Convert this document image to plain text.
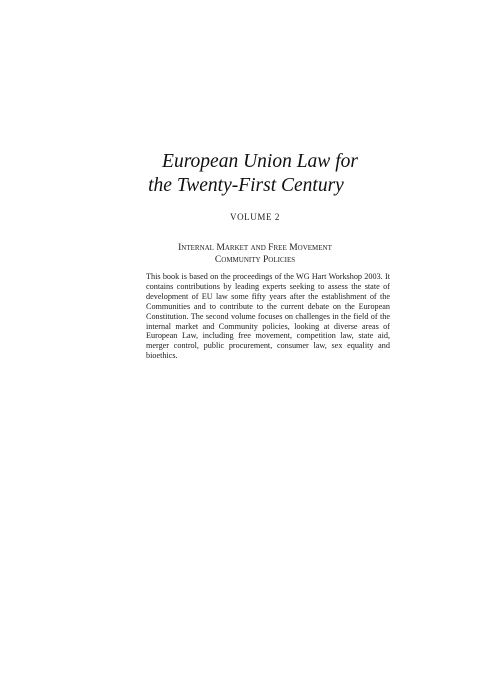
European Union Law for
the Twenty-First Century
VOLUME 2
Internal Market and Free Movement
Community Policies

This book is based on the proceedings of the WG Hart Workshop 2003. It contains contributions by leading experts seeking to assess the state of development of EU law some fifty years after the establishment of the Communities and to contribute to the current debate on the European Constitution. The second volume focuses on challenges in the field of the internal market and Community policies, looking at diverse areas of European Law, including free movement, competition law, state aid, merger control, public procurement, consumer law, sex equality and bioethics.
